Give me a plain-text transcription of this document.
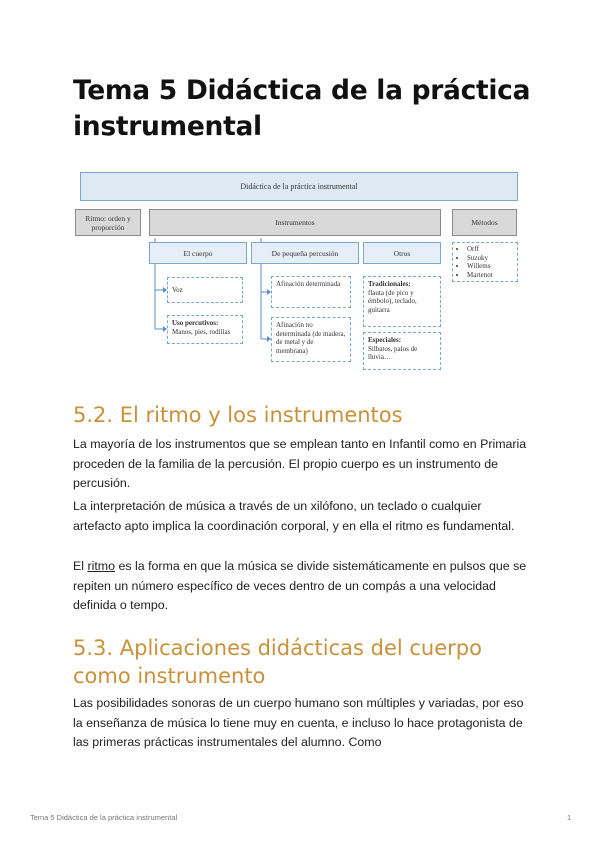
Tema 5 Didáctica de la práctica instrumental
Didáctica de la práctica instrumental
Ritmo: orden y proporción	Instrumentos	Métodos
El cuerpo	De pequeña percusión	Otros
•	Orff
• Suzuky
• Willems
• Martenot
Voz
Uso percutivos:
Manos, pies, rodillas
Afinación determinada
Afinación no determinada (de madera, de metal y de membrana)
Tradicionales:
flauta (de pico y émbolo), teclado, guitarra
Especiales:
Silbatos, palos de lluvia…
5.2. El ritmo y los instrumentos

La mayoría de los instrumentos que se emplean tanto en Infantil como en Primaria proceden de la familia de la percusión. El propio cuerpo es un instrumento de percusión.

La interpretación de música a través de un xilófono, un teclado o cualquier artefacto apto implica la coordinación corporal, y en ella el ritmo es fundamental.

El ritmo es la forma en que la música se divide sistemáticamente en pulsos que se repiten un número específico de veces dentro de un compás a una velocidad definida o tempo.

5.3. Aplicaciones didácticas del cuerpo como instrumento

Las posibilidades sonoras de un cuerpo humano son múltiples y variadas, por eso la enseñanza de música lo tiene muy en cuenta, e incluso lo hace protagonista de las primeras prácticas instrumentales del alumno. Como

Tema 5 Didáctica de la práctica instrumental	1
